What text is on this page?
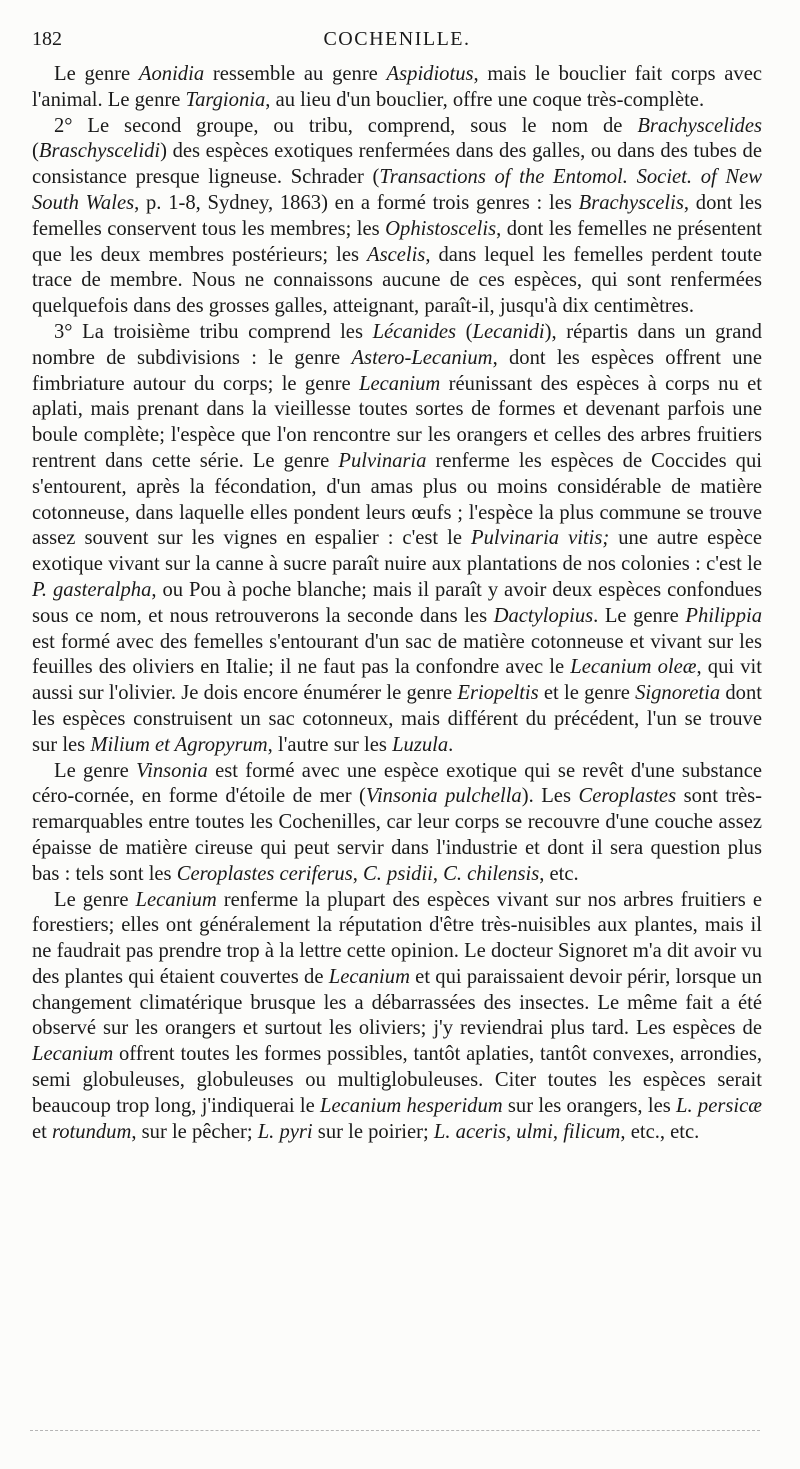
182	COCHENILLE.

Le genre Aonidia ressemble au genre Aspidiotus, mais le bouclier fait corps avec l'animal. Le genre Targionia, au lieu d'un bouclier, offre une coque très-complète.

2° Le second groupe, ou tribu, comprend, sous le nom de Brachyscelides (Braschyscelidi) des espèces exotiques renfermées dans des galles, ou dans des tubes de consistance presque ligneuse. Schrader (Transactions of the Entomol. Societ. of New South Wales, p. 1-8, Sydney, 1863) en a formé trois genres : les Brachyscelis, dont les femelles conservent tous les membres; les Ophistoscelis, dont les femelles ne présentent que les deux membres postérieurs; les Ascelis, dans lequel les femelles perdent toute trace de membre. Nous ne connaissons aucune de ces espèces, qui sont renfermées quelquefois dans des grosses galles, atteignant, paraît-il, jusqu'à dix centimètres.

3° La troisième tribu comprend les Lécanides (Lecanidi), répartis dans un grand nombre de subdivisions : le genre Astero-Lecanium, dont les espèces offrent une fimbriature autour du corps; le genre Lecanium réunissant des espèces à corps nu et aplati, mais prenant dans la vieillesse toutes sortes de formes et devenant parfois une boule complète; l'espèce que l'on rencontre sur les orangers et celles des arbres fruitiers rentrent dans cette série. Le genre Pulvinaria renferme les espèces de Coccides qui s'entourent, après la fécondation, d'un amas plus ou moins considérable de matière cotonneuse, dans laquelle elles pondent leurs œufs ; l'espèce la plus commune se trouve assez souvent sur les vignes en espalier : c'est le Pulvinaria vitis; une autre espèce exotique vivant sur la canne à sucre paraît nuire aux plantations de nos colonies : c'est le P. gasteralpha, ou Pou à poche blanche; mais il paraît y avoir deux espèces confondues sous ce nom, et nous retrouverons la seconde dans les Dactylopius. Le genre Philippia est formé avec des femelles s'entourant d'un sac de matière cotonneuse et vivant sur les feuilles des oliviers en Italie; il ne faut pas la confondre avec le Lecanium oleæ, qui vit aussi sur l'olivier. Je dois encore énumérer le genre Eriopeltis et le genre Signoretia dont les espèces construisent un sac cotonneux, mais différent du précédent, l'un se trouve sur les Milium et Agropyrum, l'autre sur les Luzula.

Le genre Vinsonia est formé avec une espèce exotique qui se revêt d'une substance céro-cornée, en forme d'étoile de mer (Vinsonia pulchella). Les Ceroplastes sont très-remarquables entre toutes les Cochenilles, car leur corps se recouvre d'une couche assez épaisse de matière cireuse qui peut servir dans l'industrie et dont il sera question plus bas : tels sont les Ceroplastes ceriferus, C. psidii, C. chilensis, etc.

Le genre Lecanium renferme la plupart des espèces vivant sur nos arbres fruitiers e forestiers; elles ont généralement la réputation d'être très-nuisibles aux plantes, mais il ne faudrait pas prendre trop à la lettre cette opinion. Le docteur Signoret m'a dit avoir vu des plantes qui étaient couvertes de Lecanium et qui paraissaient devoir périr, lorsque un changement climatérique brusque les a débarrassées des insectes. Le même fait a été observé sur les orangers et surtout les oliviers; j'y reviendrai plus tard. Les espèces de Lecanium offrent toutes les formes possibles, tantôt aplaties, tantôt convexes, arrondies, semi globuleuses, globuleuses ou multiglobuleuses. Citer toutes les espèces serait beaucoup trop long, j'indiquerai le Lecanium hesperidum sur les orangers, les L. persicæ et rotundum, sur le pêcher; L. pyri sur le poirier; L. aceris, ulmi, filicum, etc., etc.
